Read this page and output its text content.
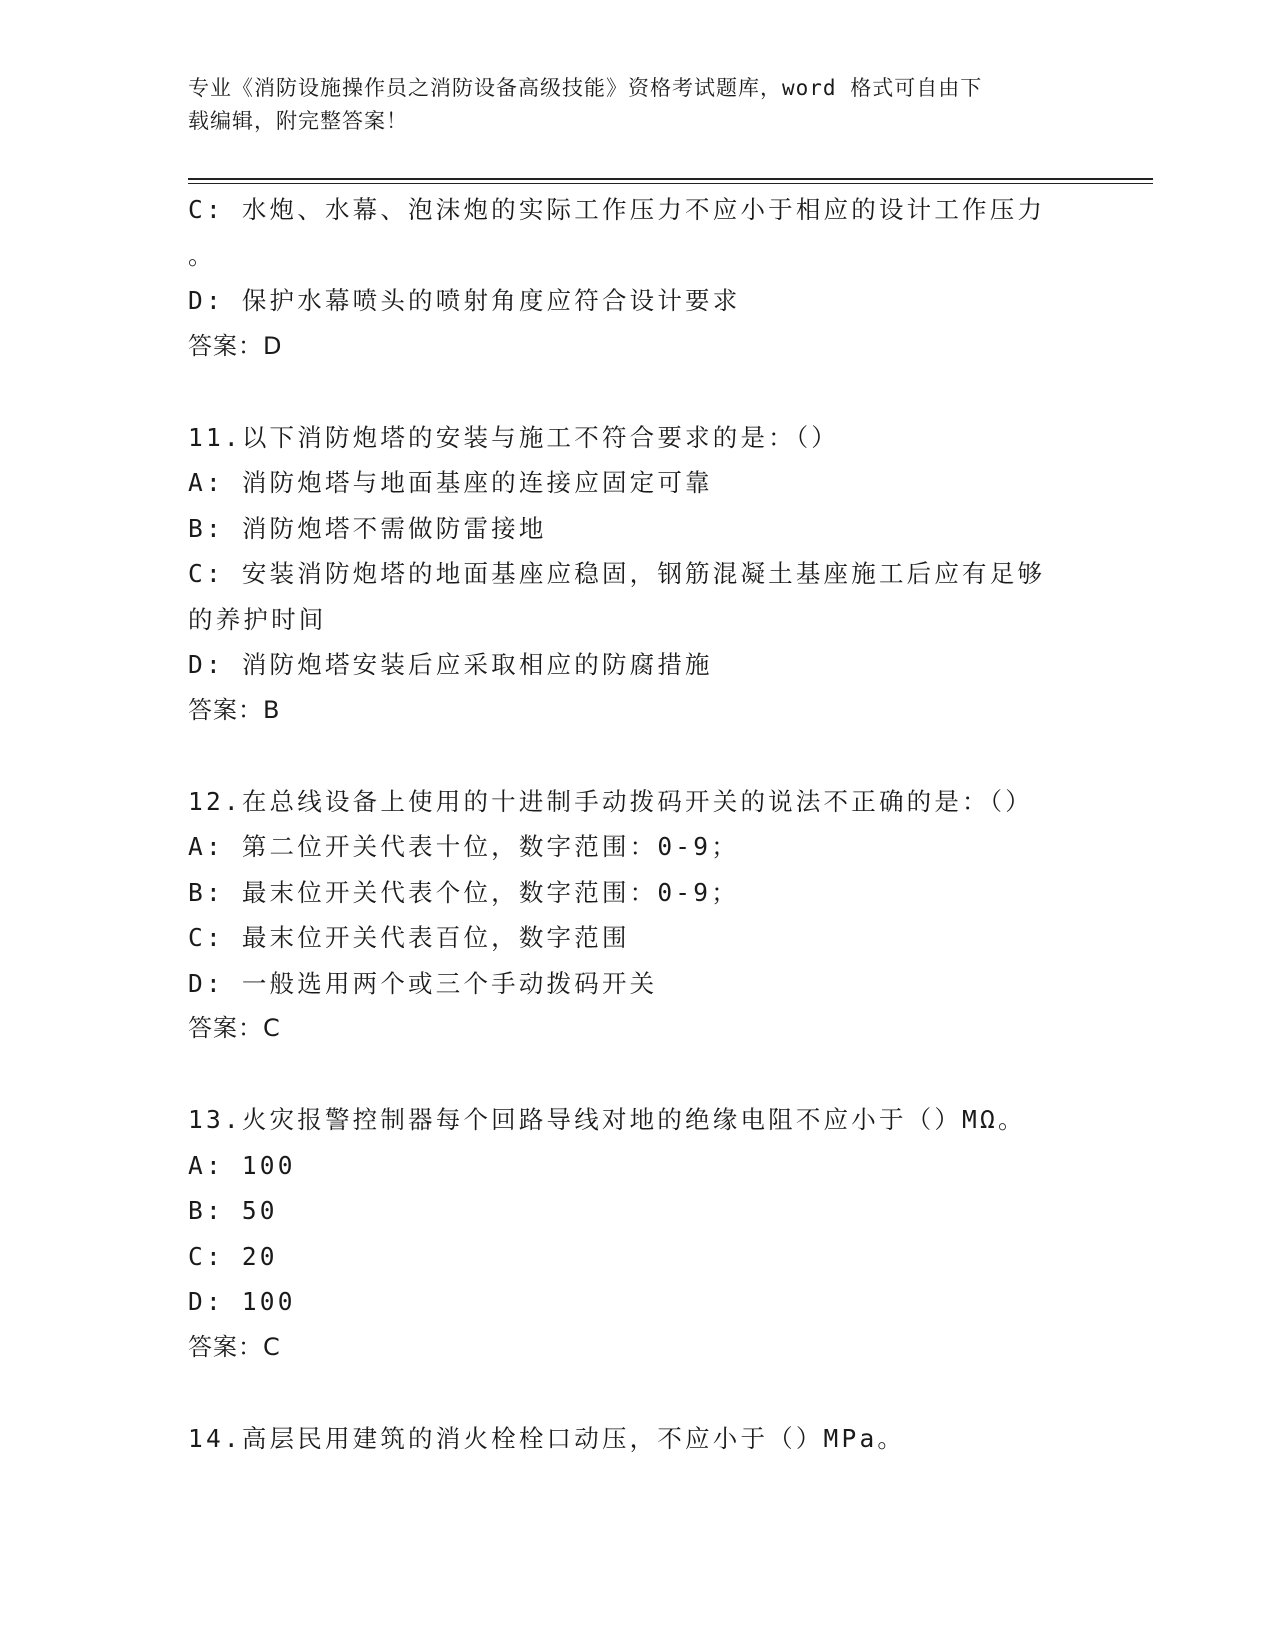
专业《消防设施操作员之消防设备高级技能》资格考试题库，word 格式可自由下
载编辑，附完整答案！
C: 水炮、水幕、泡沫炮的实际工作压力不应小于相应的设计工作压力
。
D: 保护水幕喷头的喷射角度应符合设计要求
答案：D
11.以下消防炮塔的安装与施工不符合要求的是：（）
A: 消防炮塔与地面基座的连接应固定可靠
B: 消防炮塔不需做防雷接地
C: 安装消防炮塔的地面基座应稳固，钢筋混凝土基座施工后应有足够
的养护时间
D: 消防炮塔安装后应采取相应的防腐措施
答案：B
12.在总线设备上使用的十进制手动拨码开关的说法不正确的是：（）
A: 第二位开关代表十位，数字范围：0-9；
B: 最末位开关代表个位，数字范围：0-9；
C: 最末位开关代表百位，数字范围
D: 一般选用两个或三个手动拨码开关
答案：C
13.火灾报警控制器每个回路导线对地的绝缘电阻不应小于（）MΩ。
A: 100
B: 50
C: 20
D: 100
答案：C
14.高层民用建筑的消火栓栓口动压，不应小于（）MPa。
